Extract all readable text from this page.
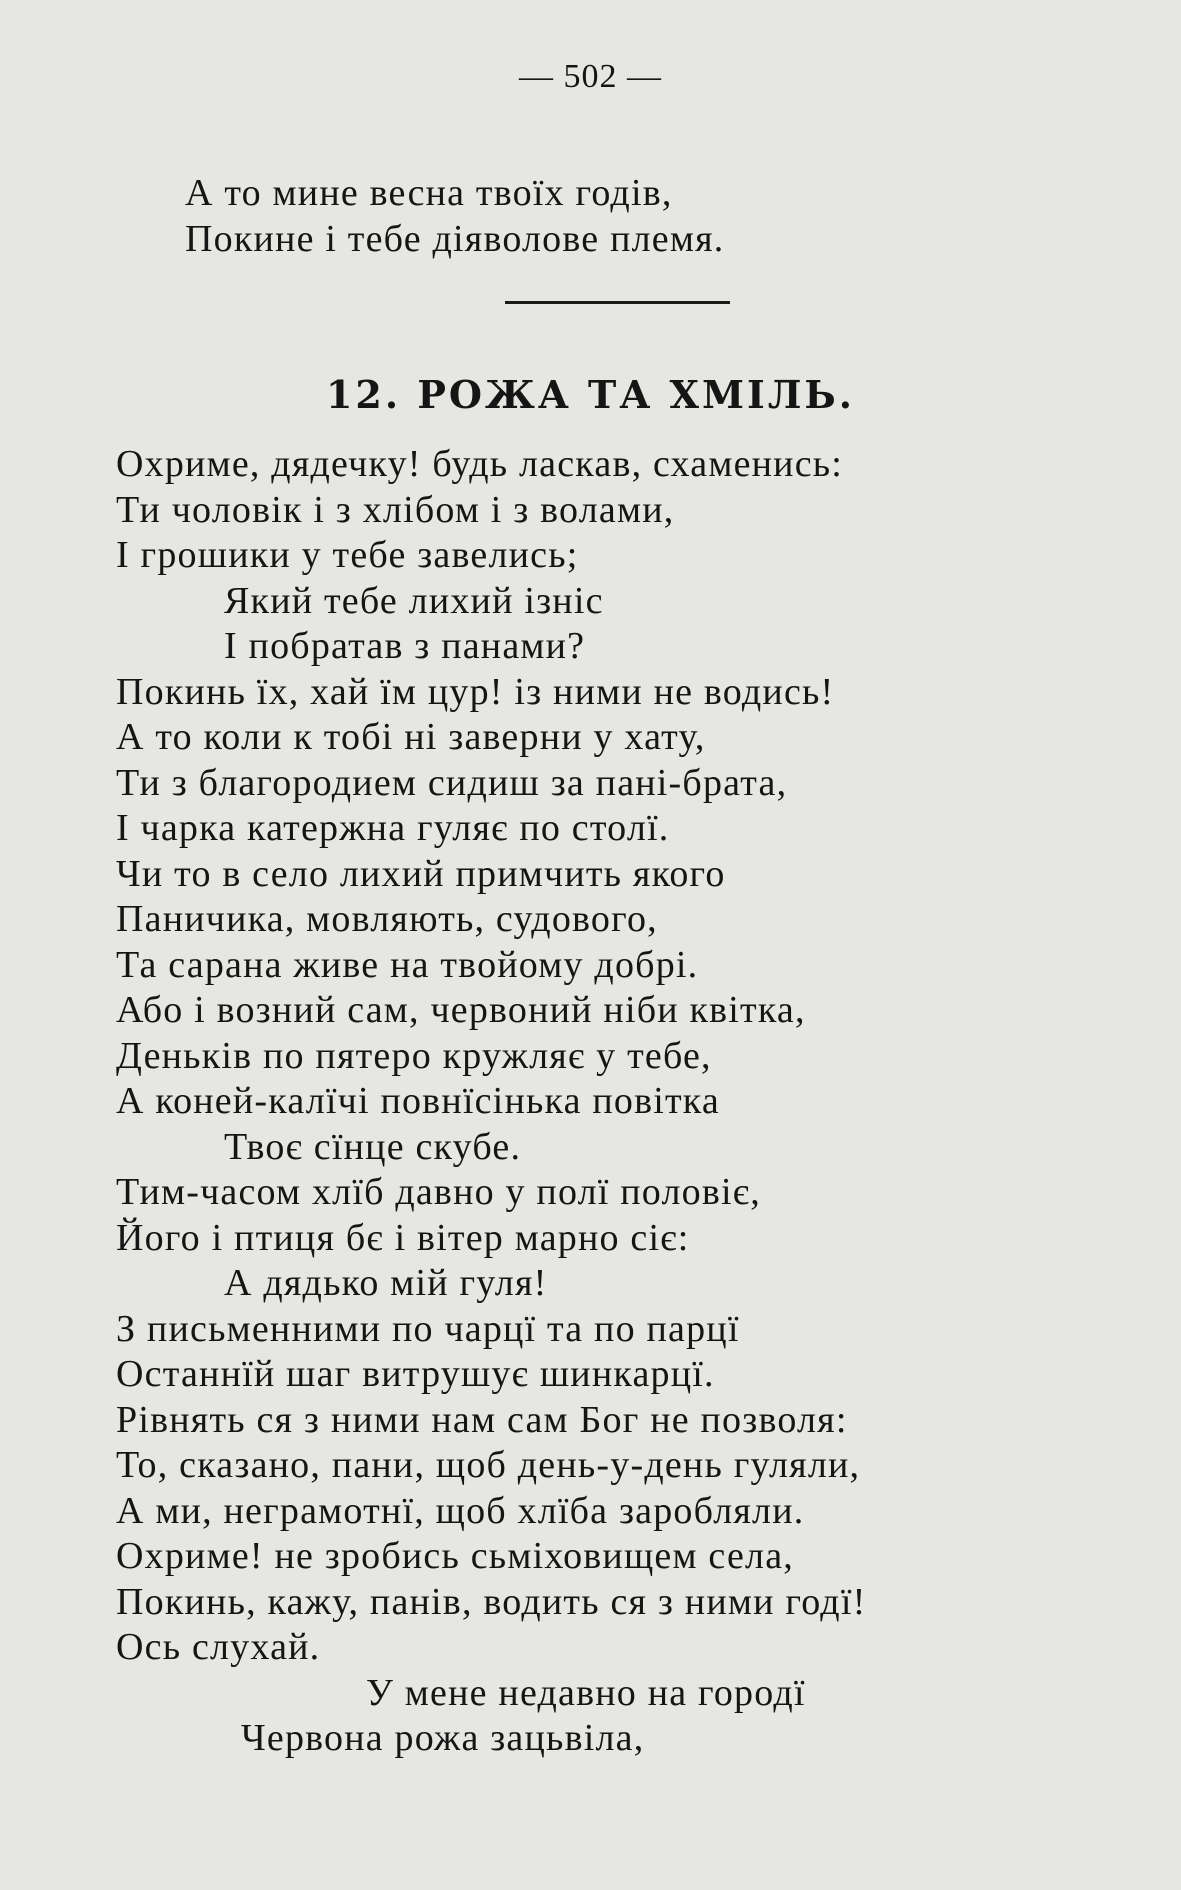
— 502 —
А то мине весна твоїх годів,
Покине і тебе діяволове племя.
12. РОЖА ТА ХМІЛЬ.
Охриме, дядечку! будь ласкав, схаменись:
Ти чоловік і з хлібом і з волами,
І грошики у тебе завелись;
Який тебе лихий ізніс
І побратав з панами?
Покинь їх, хай їм цур! із ними не водись!
А то коли к тобі ні заверни у хату,
Ти з благородием сидиш за пані-брата,
І чарка катержна гуляє по столї.
Чи то в село лихий примчить якого
Паничика, мовляють, судового,
Та сарана живе на твойому добрі.
Або і возний сам, червоний ніби квітка,
Деньків по пятеро кружляє у тебе,
А коней-калїчі повнїсінька повітка
Твоє сїнце скубе.
Тим-часом хлїб давно у полї половіє,
Його і птиця бє і вітер марно сіє:
А дядько мій гуля!
З письменними по чарцї та по парцї
Останнїй шаг витрушує шинкарцї.
Рівнять ся з ними нам сам Бог не позволя:
То, сказано, пани, щоб день-у-день гуляли,
А ми, неграмотнї, щоб хлїба заробляли.
Охриме! не зробись сьміховищем села,
Покинь, кажу, панів, водить ся з ними годї!
Ось слухай.
У мене недавно на городї
Червона рожа зацьвіла,
